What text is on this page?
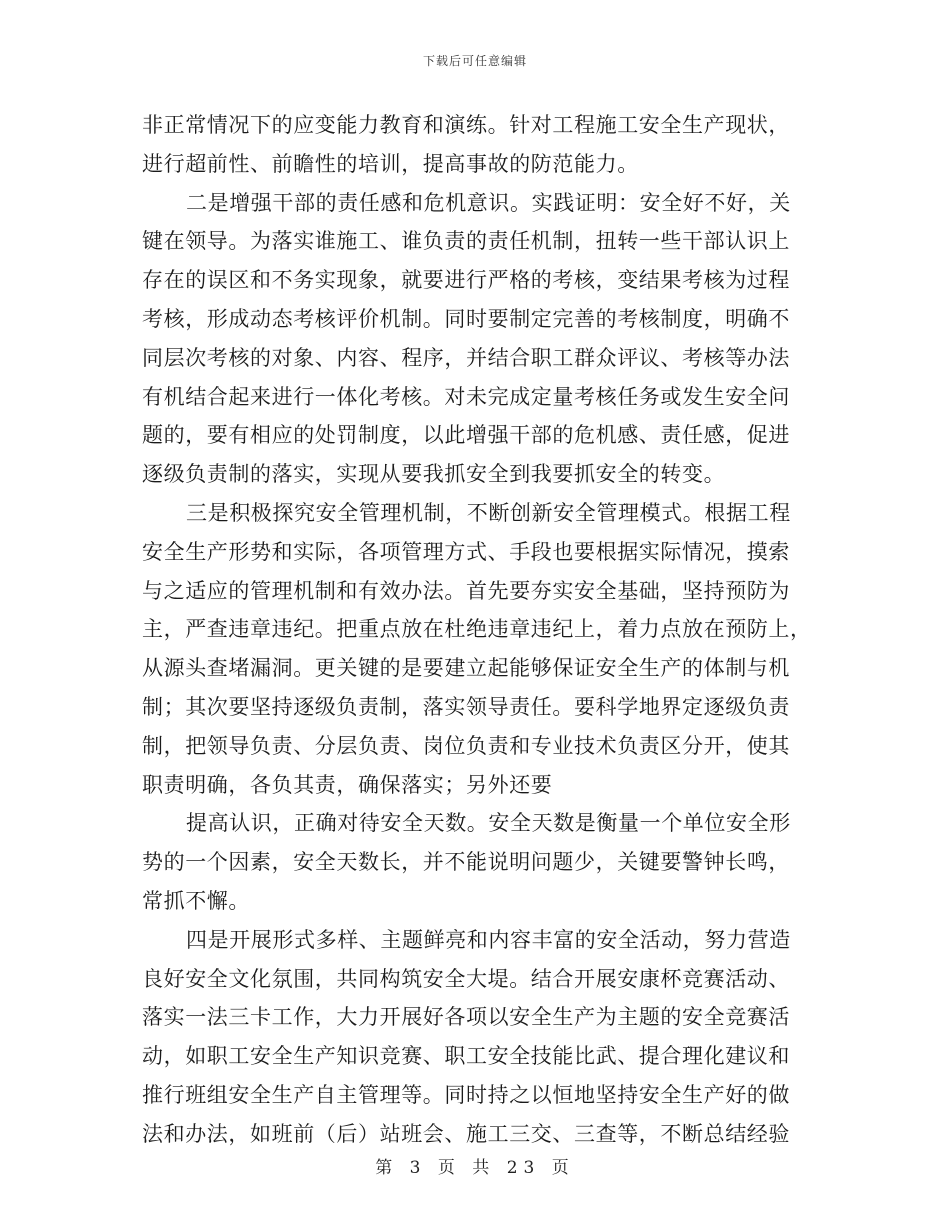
下载后可任意编辑
非正常情况下的应变能力教育和演练。针对工程施工安全生产现状，
进行超前性、前瞻性的培训，提高事故的防范能力。
二是增强干部的责任感和危机意识。实践证明：安全好不好，关
键在领导。为落实谁施工、谁负责的责任机制，扭转一些干部认识上
存在的误区和不务实现象，就要进行严格的考核，变结果考核为过程
考核，形成动态考核评价机制。同时要制定完善的考核制度，明确不
同层次考核的对象、内容、程序，并结合职工群众评议、考核等办法
有机结合起来进行一体化考核。对未完成定量考核任务或发生安全问
题的，要有相应的处罚制度，以此增强干部的危机感、责任感，促进
逐级负责制的落实，实现从要我抓安全到我要抓安全的转变。
三是积极探究安全管理机制，不断创新安全管理模式。根据工程
安全生产形势和实际，各项管理方式、手段也要根据实际情况，摸索
与之适应的管理机制和有效办法。首先要夯实安全基础，坚持预防为
主，严查违章违纪。把重点放在杜绝违章违纪上，着力点放在预防上，
从源头查堵漏洞。更关键的是要建立起能够保证安全生产的体制与机
制；其次要坚持逐级负责制，落实领导责任。要科学地界定逐级负责
制，把领导负责、分层负责、岗位负责和专业技术负责区分开，使其
职责明确，各负其责，确保落实；另外还要
提高认识，正确对待安全天数。安全天数是衡量一个单位安全形
势的一个因素，安全天数长，并不能说明问题少，关键要警钟长鸣，
常抓不懈。
四是开展形式多样、主题鲜亮和内容丰富的安全活动，努力营造
良好安全文化氛围，共同构筑安全大堤。结合开展安康杯竞赛活动、
落实一法三卡工作，大力开展好各项以安全生产为主题的安全竞赛活
动，如职工安全生产知识竞赛、职工安全技能比武、提合理化建议和
推行班组安全生产自主管理等。同时持之以恒地坚持安全生产好的做
法和办法，如班前（后）站班会、施工三交、三查等，不断总结经验
第 3 页 共 23 页
